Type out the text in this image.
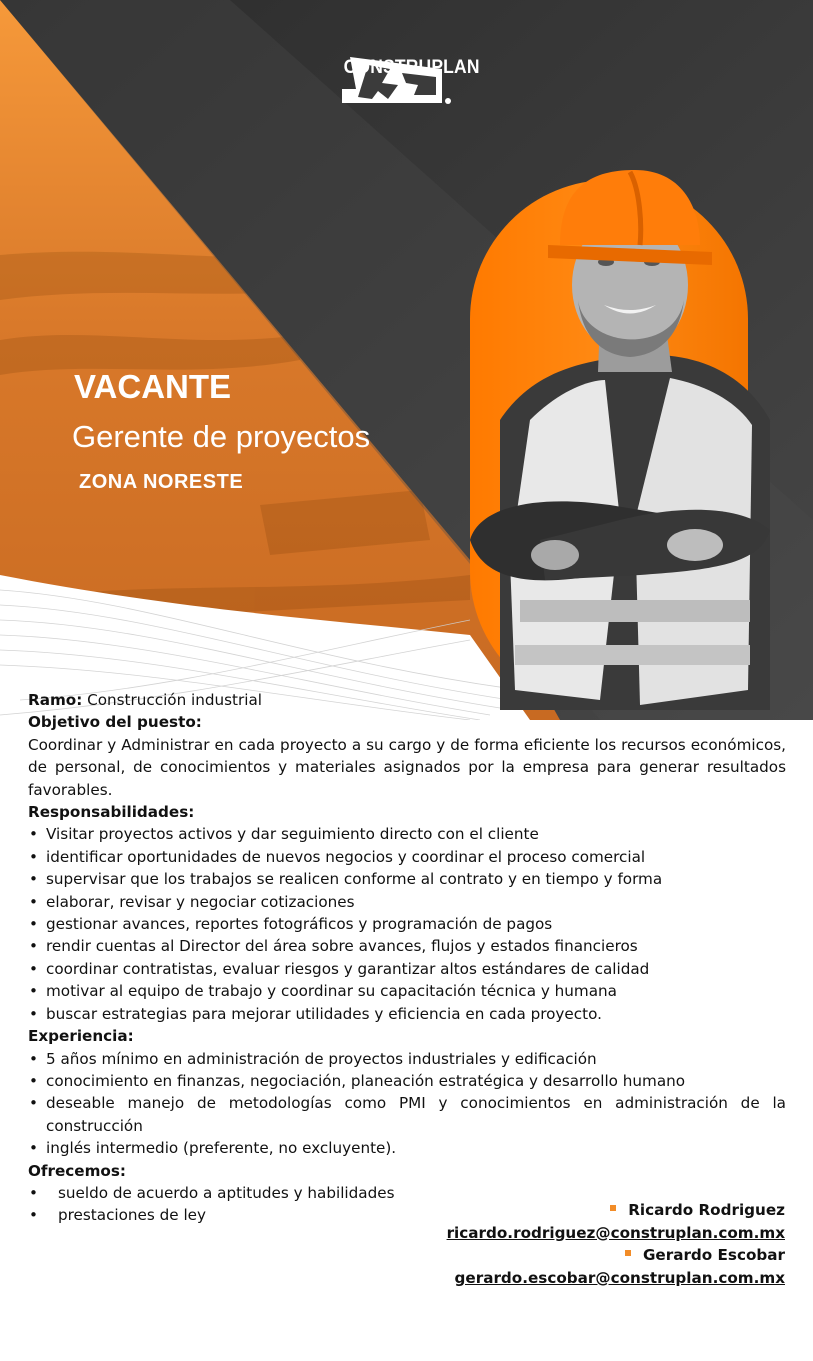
CONSTRUPLAN
VACANTE
Gerente de proyectos
ZONA NORESTE

Ramo: Construcción industrial

Objetivo del puesto:

Coordinar y Administrar en cada proyecto a su cargo y de forma eficiente los recursos económicos, de personal, de conocimientos y materiales asignados por la empresa para generar resultados favorables.

Responsabilidades:

• Visitar proyectos activos y dar seguimiento directo con el cliente
• identificar oportunidades de nuevos negocios y coordinar el proceso comercial
• supervisar que los trabajos se realicen conforme al contrato y en tiempo y forma
• elaborar, revisar y negociar cotizaciones
• gestionar avances, reportes fotográficos y programación de pagos
• rendir cuentas al Director del área sobre avances, flujos y estados financieros
• coordinar contratistas, evaluar riesgos y garantizar altos estándares de calidad
• motivar al equipo de trabajo y coordinar su capacitación técnica y humana
• buscar estrategias para mejorar utilidades y eficiencia en cada proyecto.

Experiencia:

• 5 años mínimo en administración de proyectos industriales y edificación
• conocimiento en finanzas, negociación, planeación estratégica y desarrollo humano
• deseable manejo de metodologías como PMI y conocimientos en administración de la construcción
• inglés intermedio (preferente, no excluyente).

Ofrecemos:

• sueldo de acuerdo a aptitudes y habilidades
• prestaciones de ley	Ricardo Rodriguez
ricardo.rodriguez@construplan.com.mx
Gerardo Escobar
gerardo.escobar@construplan.com.mx
